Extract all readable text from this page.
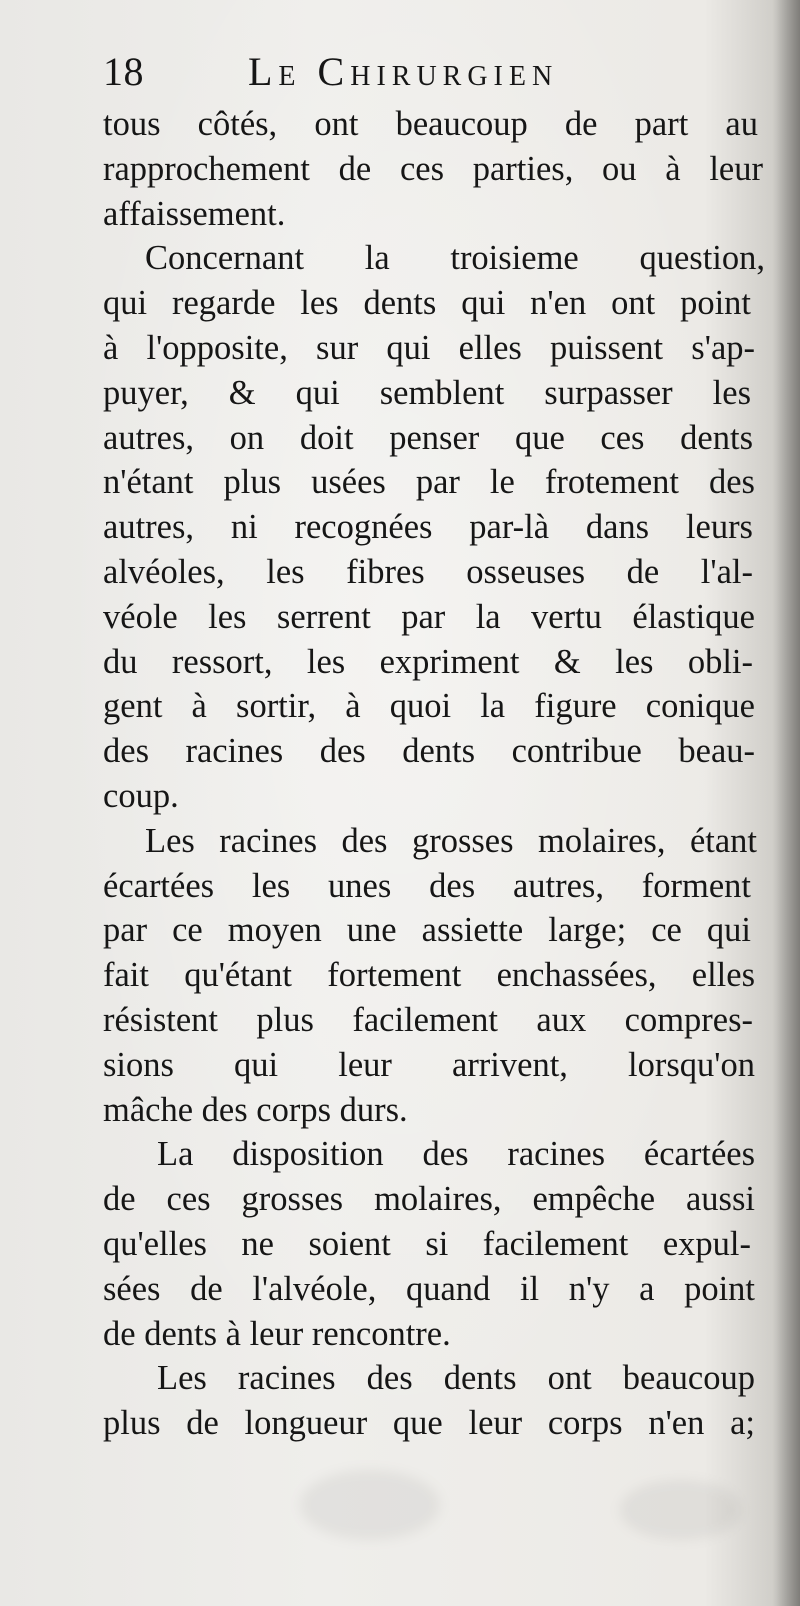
18	Le Chirurgien
tous côtés, ont beaucoup de part au
rapprochement de ces parties, ou à leur
affaissement.
Concernant la troisieme question,
qui regarde les dents qui n'en ont point
à l'opposite, sur qui elles puissent s'ap-
puyer, & qui semblent surpasser les
autres, on doit penser que ces dents
n'étant plus usées par le frotement des
autres, ni recognées par-là dans leurs
alvéoles, les fibres osseuses de l'al-
véole les serrent par la vertu élastique
du ressort, les expriment & les obli-
gent à sortir, à quoi la figure conique
des racines des dents contribue beau-
coup.
Les racines des grosses molaires, étant
écartées les unes des autres, forment
par ce moyen une assiette large; ce qui
fait qu'étant fortement enchassées, elles
résistent plus facilement aux compres-
sions qui leur arrivent, lorsqu'on
mâche des corps durs.
La disposition des racines écartées
de ces grosses molaires, empêche aussi
qu'elles ne soient si facilement expul-
sées de l'alvéole, quand il n'y a point
de dents à leur rencontre.
Les racines des dents ont beaucoup
plus de longueur que leur corps n'en a;
